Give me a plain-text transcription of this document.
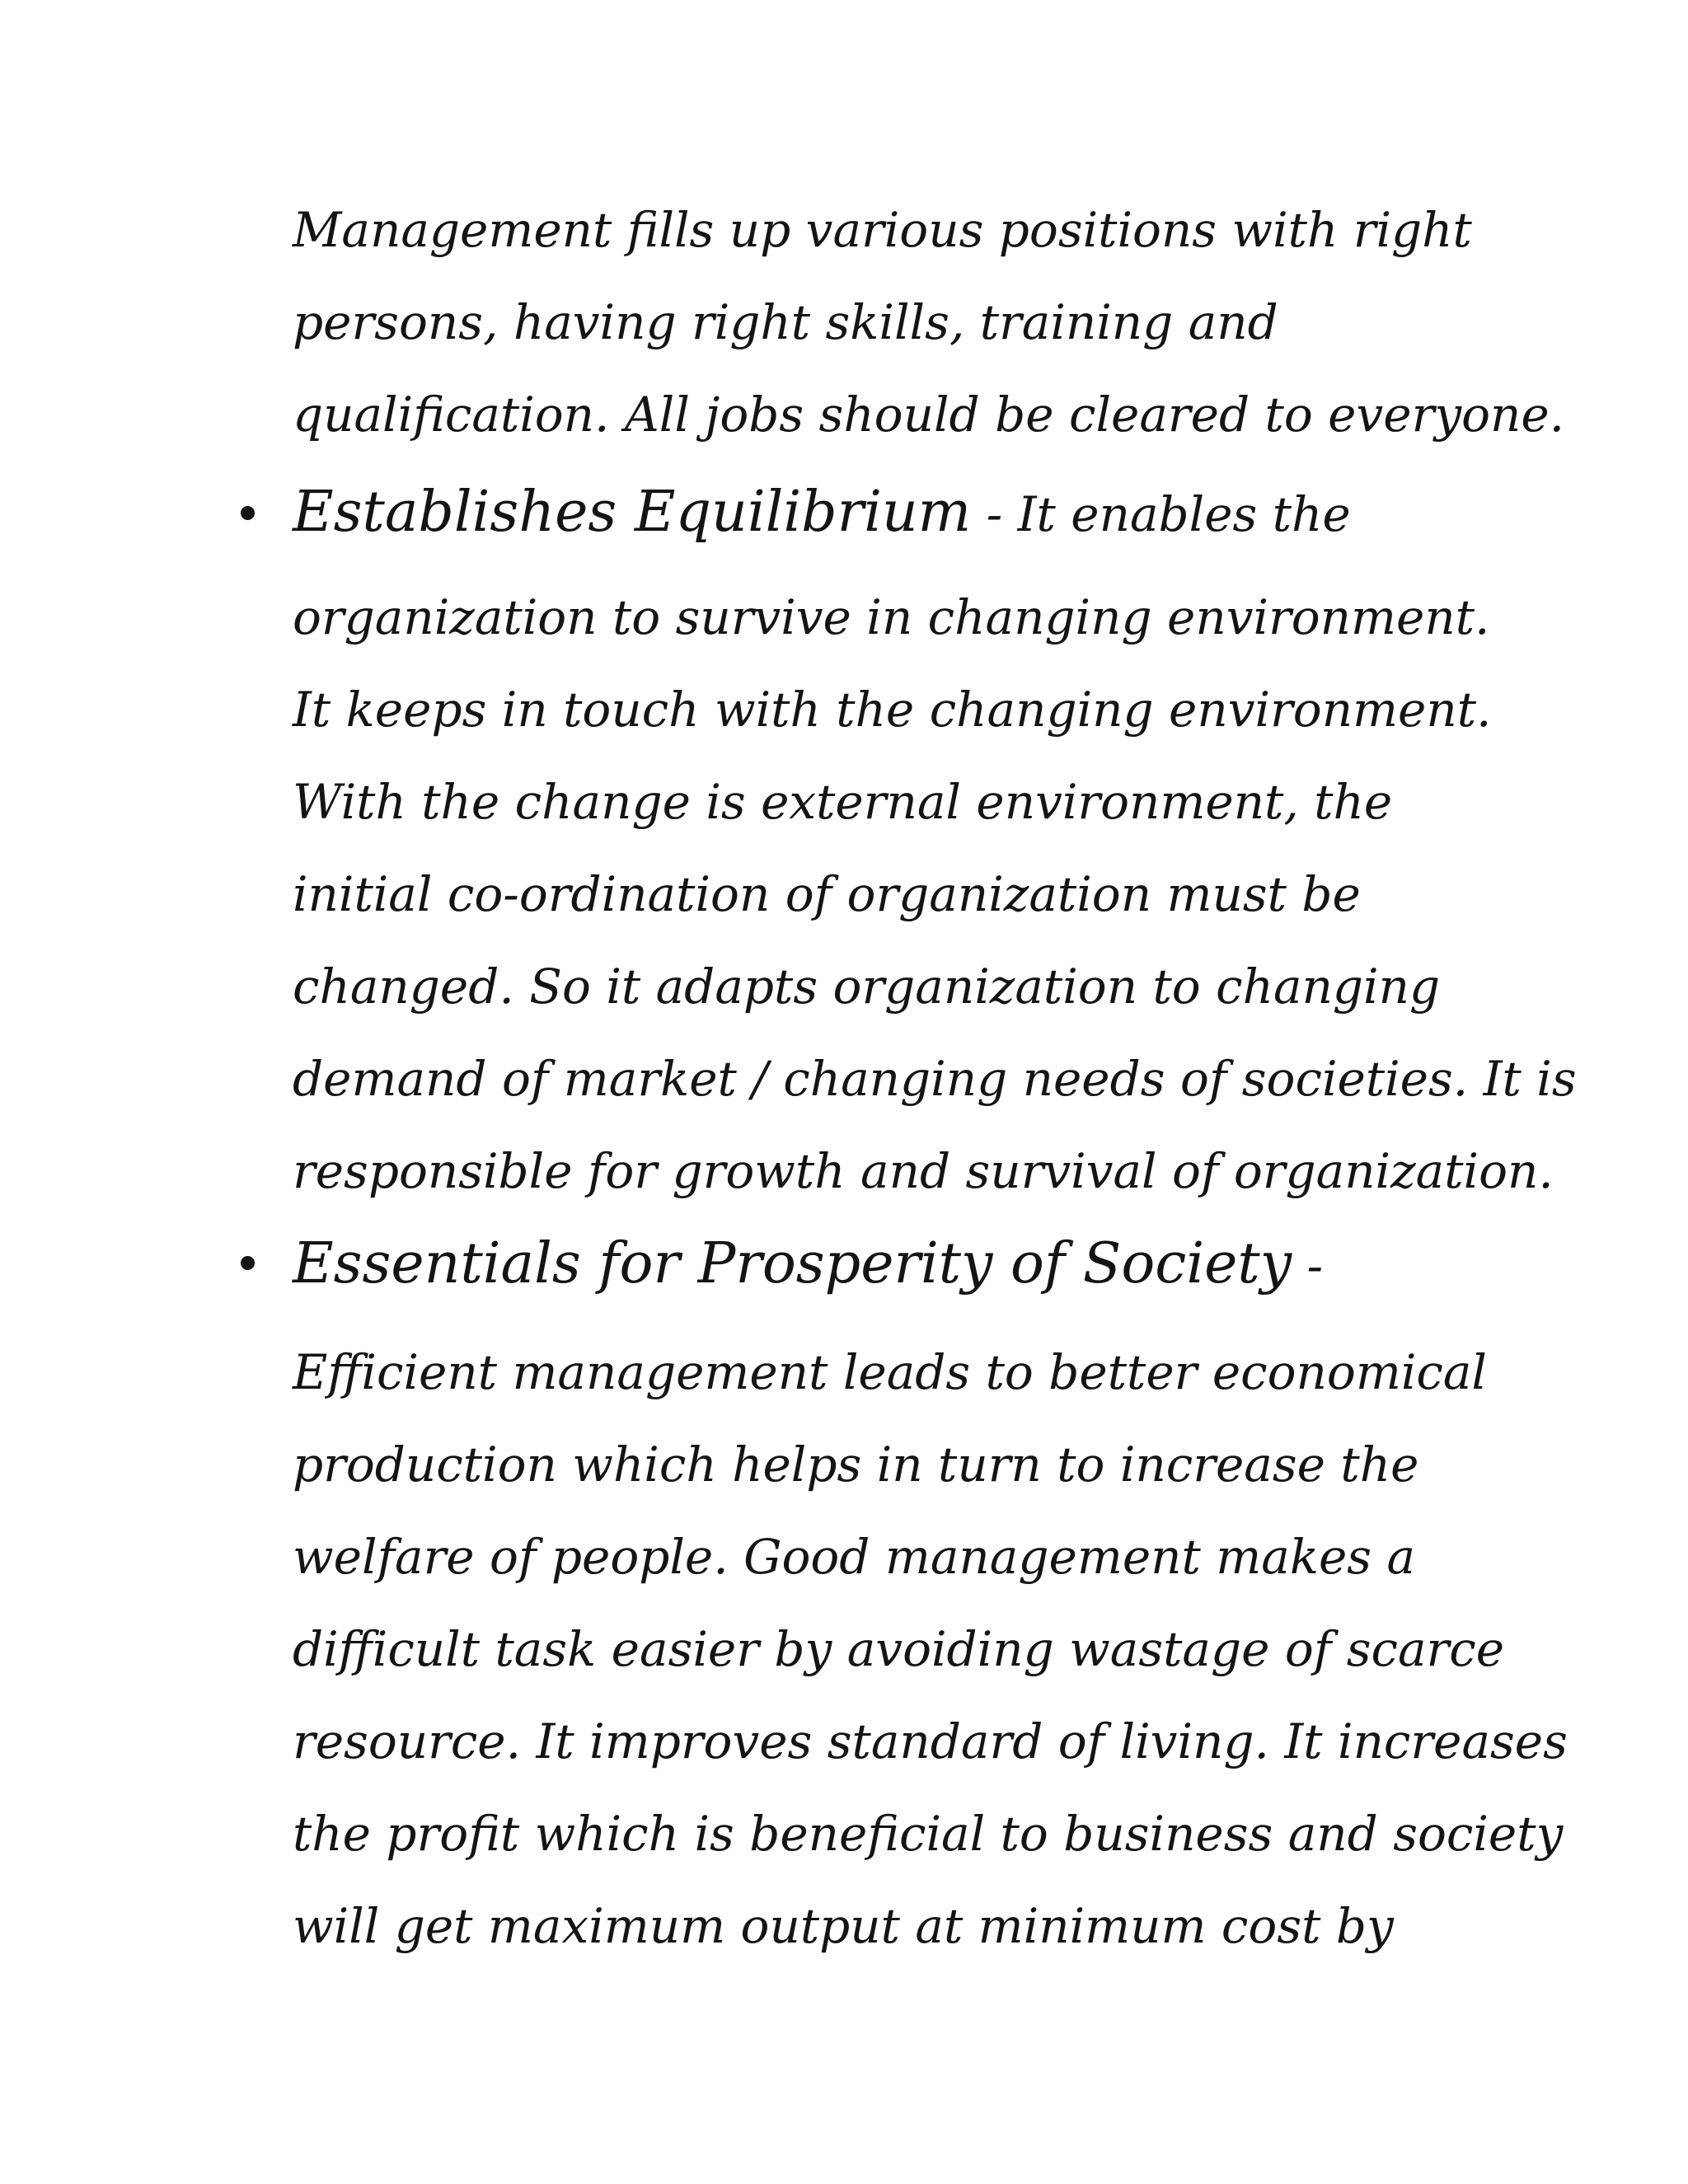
Management fills up various positions with right
persons, having right skills, training and
qualification. All jobs should be cleared to everyone.
Establishes Equilibrium - It enables the
organization to survive in changing environment.
It keeps in touch with the changing environment.
With the change is external environment, the
initial co-ordination of organization must be
changed. So it adapts organization to changing
demand of market / changing needs of societies. It is
responsible for growth and survival of organization.
Essentials for Prosperity of Society -
Efficient management leads to better economical
production which helps in turn to increase the
welfare of people. Good management makes a
difficult task easier by avoiding wastage of scarce
resource. It improves standard of living. It increases
the profit which is beneficial to business and society
will get maximum output at minimum cost by
